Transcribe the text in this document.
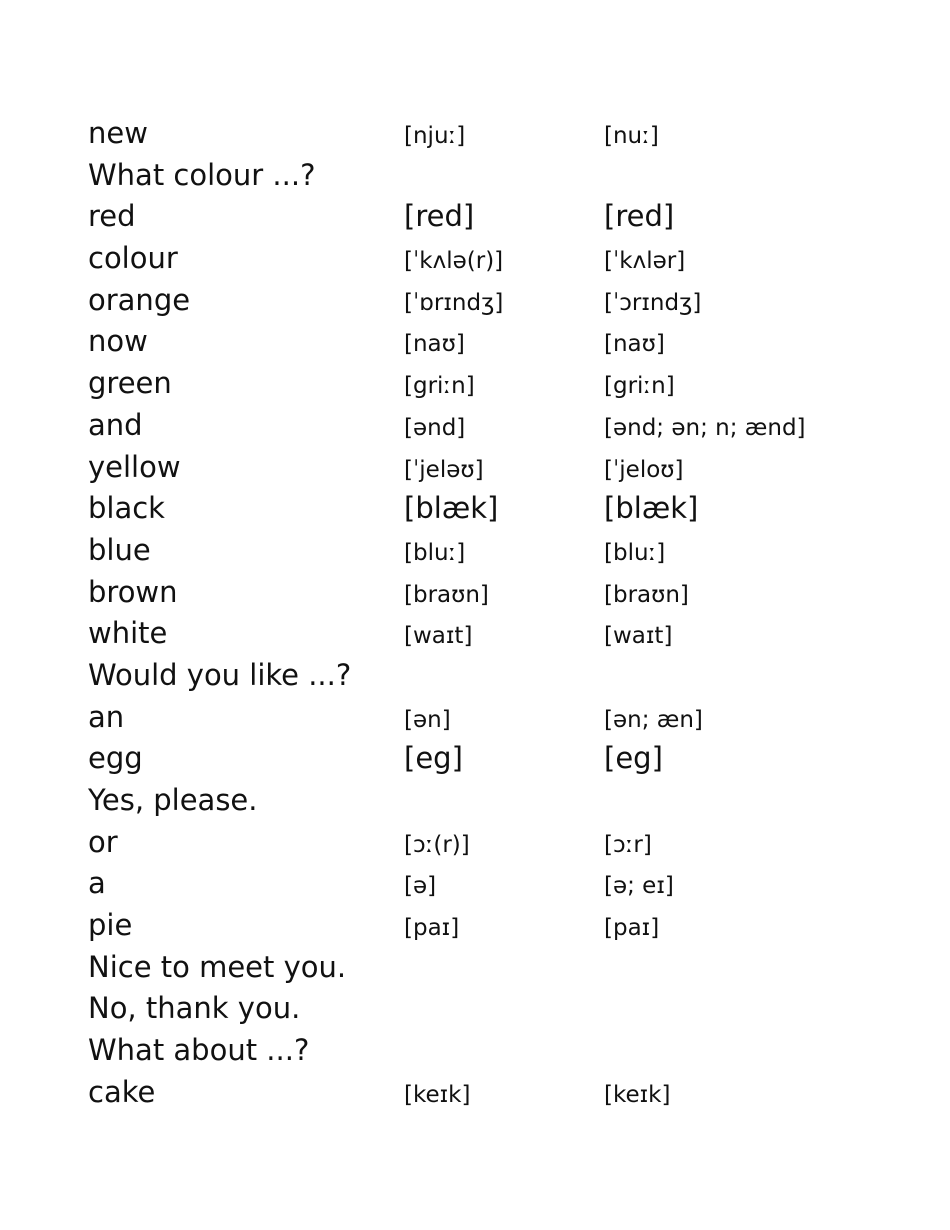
new	[njuː]	[nuː]
What colour ...?
red	[red]	[red]
colour	[ˈkʌlə(r)]	[ˈkʌlər]
orange	[ˈɒrɪndʒ]	[ˈɔrɪndʒ]
now	[naʊ]	[naʊ]
green	[griːn]	[griːn]
and	[ənd]	[ənd; ən; n; ænd]
yellow	[ˈjeləʊ]	[ˈjeloʊ]
black	[blæk]	[blæk]
blue	[bluː]	[bluː]
brown	[braʊn]	[braʊn]
white	[waɪt]	[waɪt]
Would you like ...?
an	[ən]	[ən; æn]
egg	[eg]	[eg]
Yes, please.
or	[ɔː(r)]	[ɔːr]
a	[ə]	[ə; eɪ]
pie	[paɪ]	[paɪ]
Nice to meet you.
No, thank you.
What about ...?
cake	[keɪk]	[keɪk]
